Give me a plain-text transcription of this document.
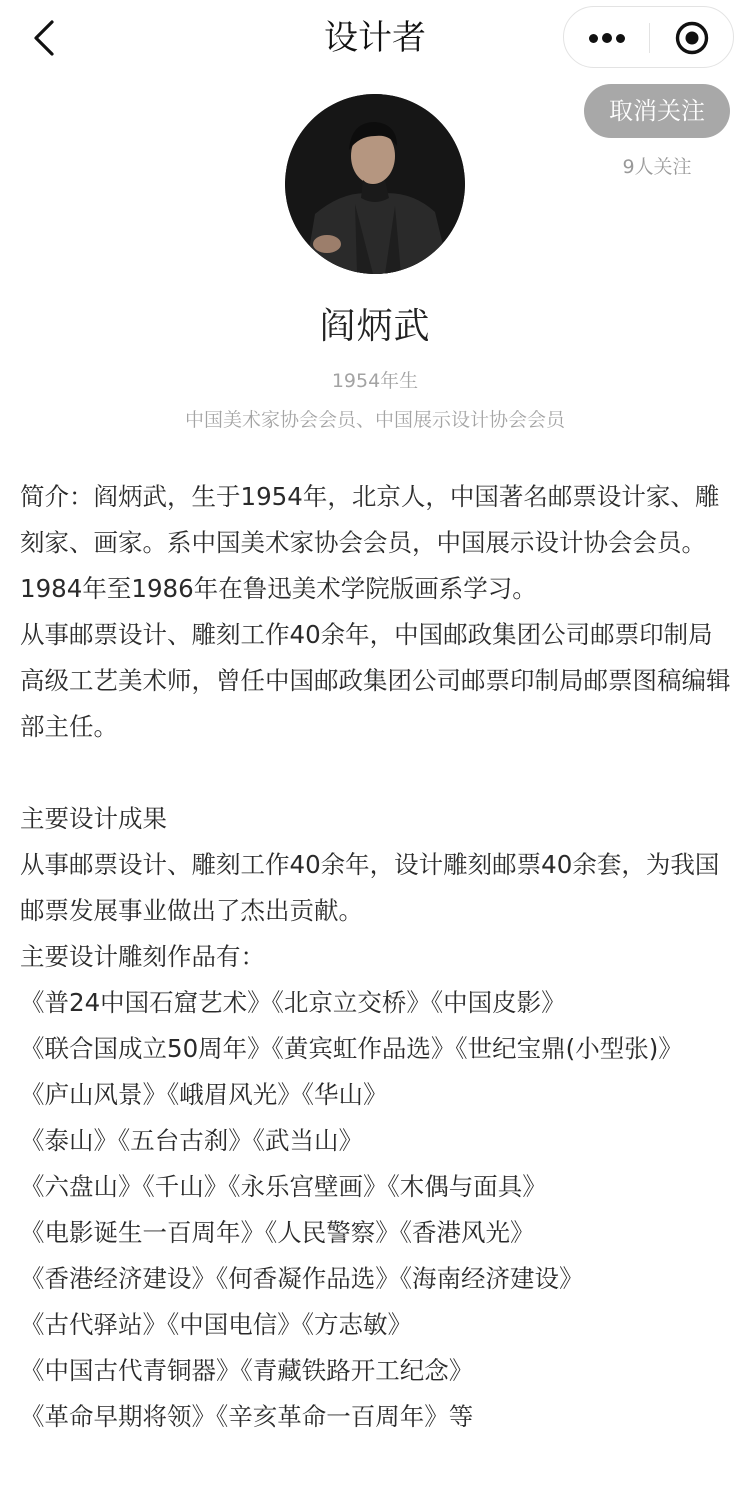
设计者
取消关注
9人关注
阎炳武
1954年生
中国美术家协会会员、中国展示设计协会会员

简介：阎炳武，生于1954年，北京人，中国著名邮票设计家、雕刻家、画家。系中国美术家协会会员，中国展示设计协会会员。1984年至1986年在鲁迅美术学院版画系学习。

从事邮票设计、雕刻工作40余年，中国邮政集团公司邮票印制局高级工艺美术师，曾任中国邮政集团公司邮票印制局邮票图稿编辑部主任。

主要设计成果

从事邮票设计、雕刻工作40余年，设计雕刻邮票40余套，为我国邮票发展事业做出了杰出贡献。

主要设计雕刻作品有：

《普24中国石窟艺术》《北京立交桥》《中国皮影》

《联合国成立50周年》《黄宾虹作品选》《世纪宝鼎(小型张)》

《庐山风景》《峨眉风光》《华山》

《泰山》《五台古刹》《武当山》

《六盘山》《千山》《永乐宫壁画》《木偶与面具》

《电影诞生一百周年》《人民警察》《香港风光》

《香港经济建设》《何香凝作品选》《海南经济建设》

《古代驿站》《中国电信》《方志敏》

《中国古代青铜器》《青藏铁路开工纪念》

《革命早期将领》《辛亥革命一百周年》等

邮币头条
